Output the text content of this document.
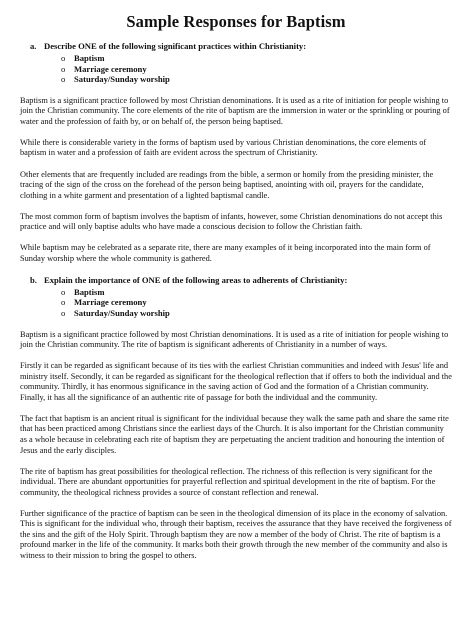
Sample Responses for Baptism
a. Describe ONE of the following significant practices within Christianity:
o Baptism
o Marriage ceremony
o Saturday/Sunday worship

Baptism is a significant practice followed by most Christian denominations. It is used as a rite of initiation for people wishing to join the Christian community. The core elements of the rite of baptism are the immersion in water or the sprinkling or pouring of water and the profession of faith by, or on behalf of, the person being baptised.

While there is considerable variety in the forms of baptism used by various Christian denominations, the core elements of baptism in water and a profession of faith are evident across the spectrum of Christianity.

Other elements that are frequently included are readings from the bible, a sermon or homily from the presiding minister, the tracing of the sign of the cross on the forehead of the person being baptised, anointing with oil, prayers for the candidate, clothing in a white garment and presentation of a lighted baptismal candle.

The most common form of baptism involves the baptism of infants, however, some Christian denominations do not accept this practice and will only baptise adults who have made a conscious decision to follow the Christian faith.

While baptism may be celebrated as a separate rite, there are many examples of it being incorporated into the main form of Sunday worship where the whole community is gathered.

b. Explain the importance of ONE of the following areas to adherents of Christianity:
o Baptism
o Marriage ceremony
o Saturday/Sunday worship

Baptism is a significant practice followed by most Christian denominations. It is used as a rite of initiation for people wishing to join the Christian community. The rite of baptism is significant adherents of Christianity in a number of ways.

Firstly it can be regarded as significant because of its ties with the earliest Christian communities and indeed with Jesus' life and ministry itself. Secondly, it can be regarded as significant for the theological reflection that if offers to both the individual and the community. Thirdly, it has enormous significance in the saving action of God and the formation of a Christian community. Finally, it has all the significance of an authentic rite of passage for both the individual and the community.

The fact that baptism is an ancient ritual is significant for the individual because they walk the same path and share the same rite that has been practiced among Christians since the earliest days of the Church. It is also important for the Christian community as a whole because in celebrating each rite of baptism they are perpetuating the ancient tradition and honouring the intention of Jesus and the early disciples.

The rite of baptism has great possibilities for theological reflection. The richness of this reflection is very significant for the individual. There are abundant opportunities for prayerful reflection and spiritual development in the rite of baptism. For the community, the theological richness provides a source of constant reflection and renewal.

Further significance of the practice of baptism can be seen in the theological dimension of its place in the economy of salvation. This is significant for the individual who, through their baptism, receives the assurance that they have received the forgiveness of the sins and the gift of the Holy Spirit. Through baptism they are now a member of the body of Christ. The rite of baptism is a profound marker in the life of the community. It marks both their growth through the new member of the community and also is witness to their mission to bring the gospel to others.
